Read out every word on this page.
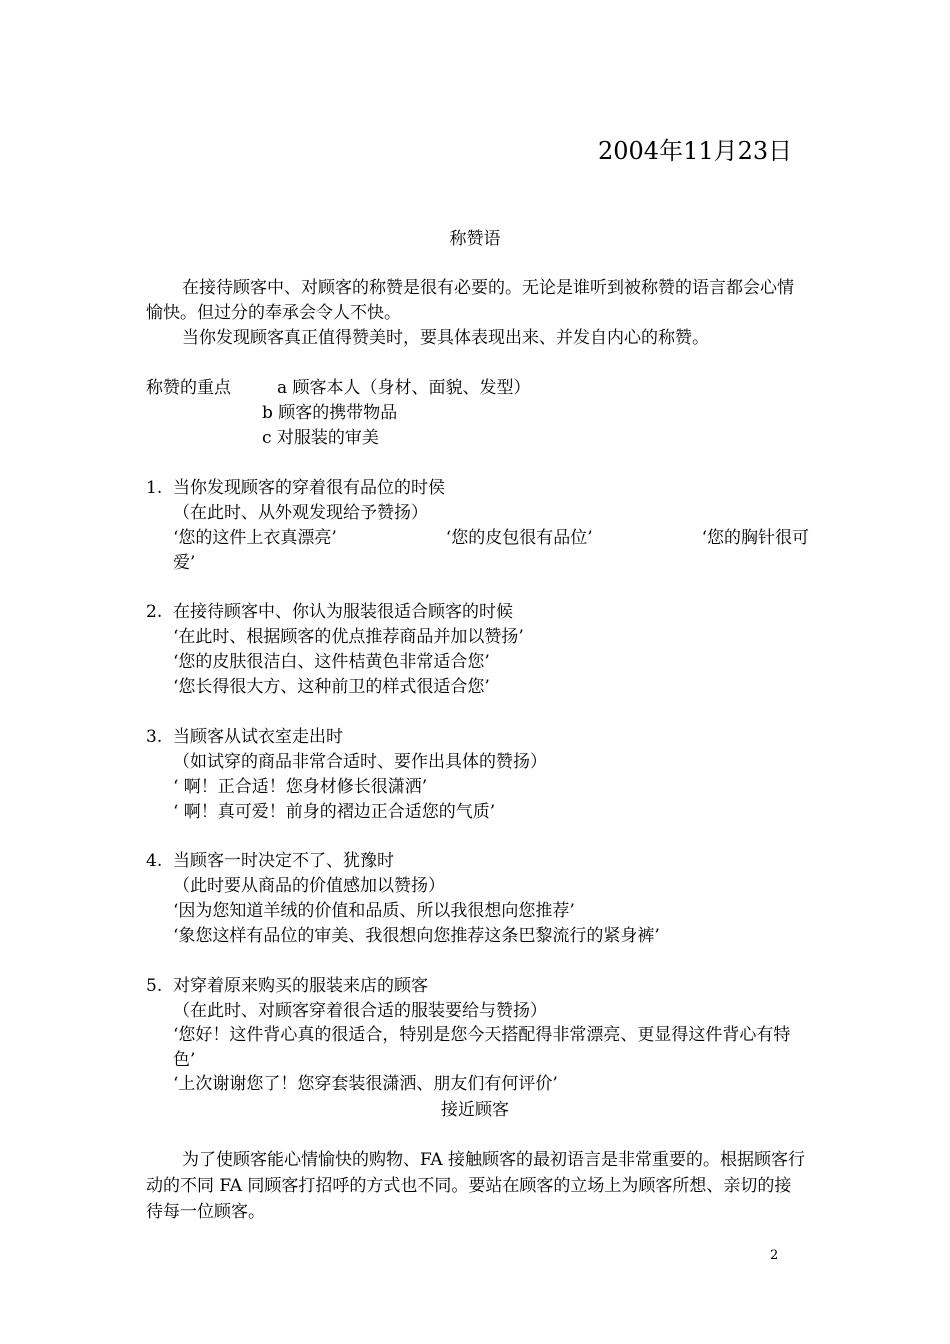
2004年11月23日
称赞语
在接待顾客中、对顾客的称赞是很有必要的。无论是谁听到被称赞的语言都会心情愉快。但过分的奉承会令人不快。
当你发现顾客真正值得赞美时，要具体表现出来、并发自内心的称赞。
称赞的重点	a 顾客本人（身材、面貌、发型）
b 顾客的携带物品
c 对服装的审美
1. 当你发现顾客的穿着很有品位的时侯
（在此时、从外观发现给予赞扬）
‘您的这件上衣真漂亮’	‘您的皮包很有品位’	‘您的胸针很可
爱’
2. 在接待顾客中、你认为服装很适合顾客的时候
‘在此时、根据顾客的优点推荐商品并加以赞扬’
‘您的皮肤很洁白、这件桔黄色非常适合您’
‘您长得很大方、这种前卫的样式很适合您’
3. 当顾客从试衣室走出时
（如试穿的商品非常合适时、要作出具体的赞扬）
‘ 啊！正合适！您身材修长很潇洒’
‘ 啊！真可爱！前身的褶边正合适您的气质’
4. 当顾客一时决定不了、犹豫时
（此时要从商品的价值感加以赞扬）
‘因为您知道羊绒的价值和品质、所以我很想向您推荐’
‘象您这样有品位的审美、我很想向您推荐这条巴黎流行的紧身裤’
5. 对穿着原来购买的服装来店的顾客
（在此时、对顾客穿着很合适的服装要给与赞扬）
‘您好！这件背心真的很适合，特别是您今天搭配得非常漂亮、更显得这件背心有特色’
‘上次谢谢您了！您穿套装很潇洒、朋友们有何评价’
接近顾客
为了使顾客能心情愉快的购物、FA 接触顾客的最初语言是非常重要的。根据顾客行动的不同 FA 同顾客打招呼的方式也不同。要站在顾客的立场上为顾客所想、亲切的接待每一位顾客。
2
